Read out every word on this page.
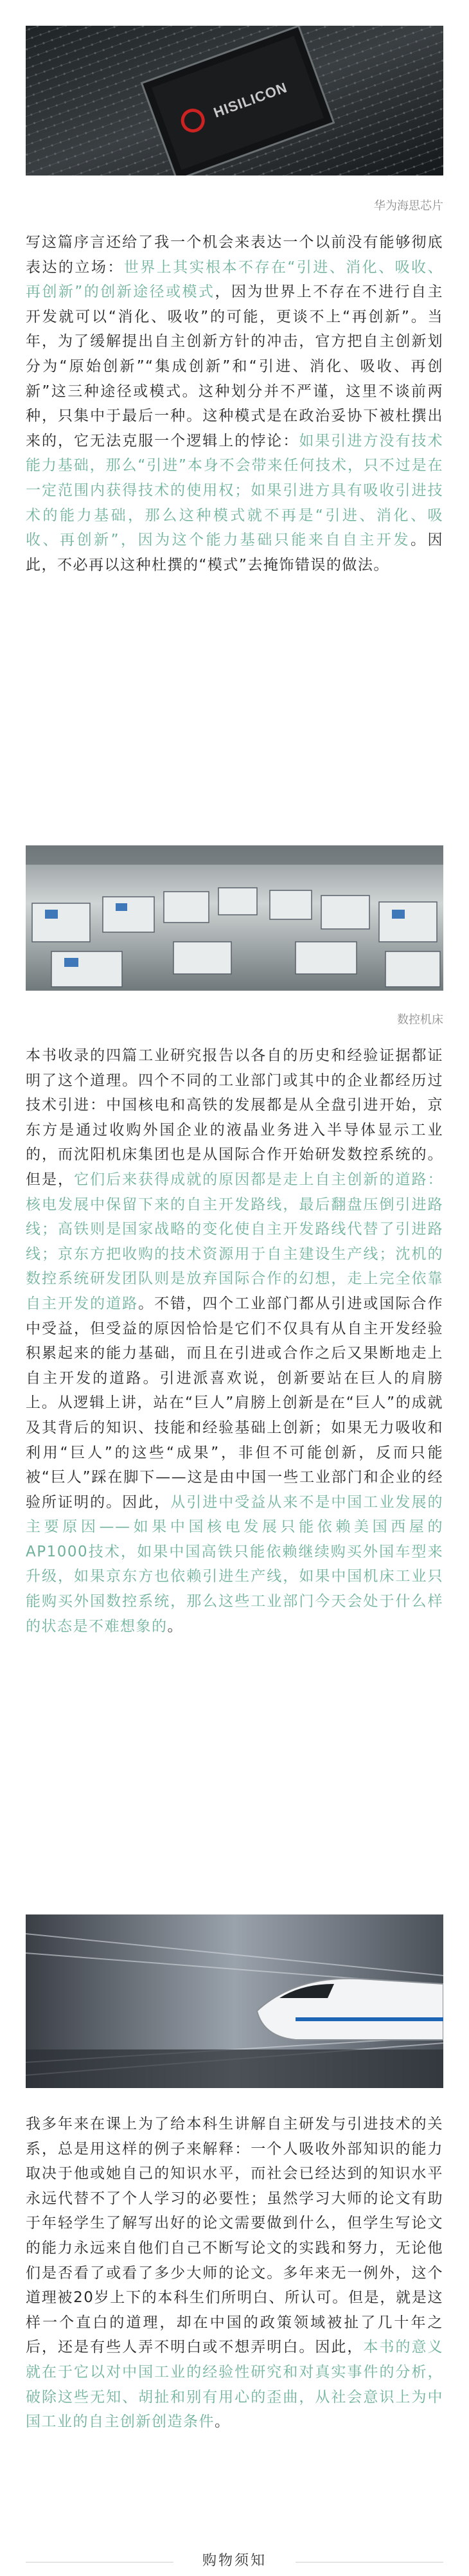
HISILICON
华为海思芯片

写这篇序言还给了我一个机会来表达一个以前没有能够彻底表达的立场：世界上其实根本不存在“引进、消化、吸收、再创新”的创新途径或模式，因为世界上不存在不进行自主开发就可以“消化、吸收”的可能，更谈不上“再创新”。当年，为了缓解提出自主创新方针的冲击，官方把自主创新划分为“原始创新”“集成创新”和“引进、消化、吸收、再创新”这三种途径或模式。这种划分并不严谨，这里不谈前两种，只集中于最后一种。这种模式是在政治妥协下被杜撰出来的，它无法克服一个逻辑上的悖论：如果引进方没有技术能力基础，那么“引进”本身不会带来任何技术，只不过是在一定范围内获得技术的使用权；如果引进方具有吸收引进技术的能力基础，那么这种模式就不再是“引进、消化、吸收、再创新”，因为这个能力基础只能来自自主开发。因此，不必再以这种杜撰的“模式”去掩饰错误的做法。

数控机床

本书收录的四篇工业研究报告以各自的历史和经验证据都证明了这个道理。四个不同的工业部门或其中的企业都经历过技术引进：中国核电和高铁的发展都是从全盘引进开始，京东方是通过收购外国企业的液晶业务进入半导体显示工业的，而沈阳机床集团也是从国际合作开始研发数控系统的。但是，它们后来获得成就的原因都是走上自主创新的道路：核电发展中保留下来的自主开发路线，最后翻盘压倒引进路线；高铁则是国家战略的变化使自主开发路线代替了引进路线；京东方把收购的技术资源用于自主建设生产线；沈机的数控系统研发团队则是放弃国际合作的幻想，走上完全依靠自主开发的道路。不错，四个工业部门都从引进或国际合作中受益，但受益的原因恰恰是它们不仅具有从自主开发经验积累起来的能力基础，而且在引进或合作之后又果断地走上自主开发的道路。引进派喜欢说，创新要站在巨人的肩膀上。从逻辑上讲，站在“巨人”肩膀上创新是在“巨人”的成就及其背后的知识、技能和经验基础上创新；如果无力吸收和利用“巨人”的这些“成果”，非但不可能创新，反而只能被“巨人”踩在脚下——这是由中国一些工业部门和企业的经验所证明的。因此，从引进中受益从来不是中国工业发展的主要原因——如果中国核电发展只能依赖美国西屋的AP1000技术，如果中国高铁只能依赖继续购买外国车型来升级，如果京东方也依赖引进生产线，如果中国机床工业只能购买外国数控系统，那么这些工业部门今天会处于什么样的状态是不难想象的。

我多年来在课上为了给本科生讲解自主研发与引进技术的关系，总是用这样的例子来解释：一个人吸收外部知识的能力取决于他或她自己的知识水平，而社会已经达到的知识水平永远代替不了个人学习的必要性；虽然学习大师的论文有助于年轻学生了解写出好的论文需要做到什么，但学生写论文的能力永远来自他们自己不断写论文的实践和努力，无论他们是否看了或看了多少大师的论文。多年来无一例外，这个道理被20岁上下的本科生们所明白、所认可。但是，就是这样一个直白的道理，却在中国的政策领域被扯了几十年之后，还是有些人弄不明白或不想弄明白。因此，本书的意义就在于它以对中国工业的经验性研究和对真实事件的分析，破除这些无知、胡扯和别有用心的歪曲，从社会意识上为中国工业的自主创新创造条件。

购物须知
